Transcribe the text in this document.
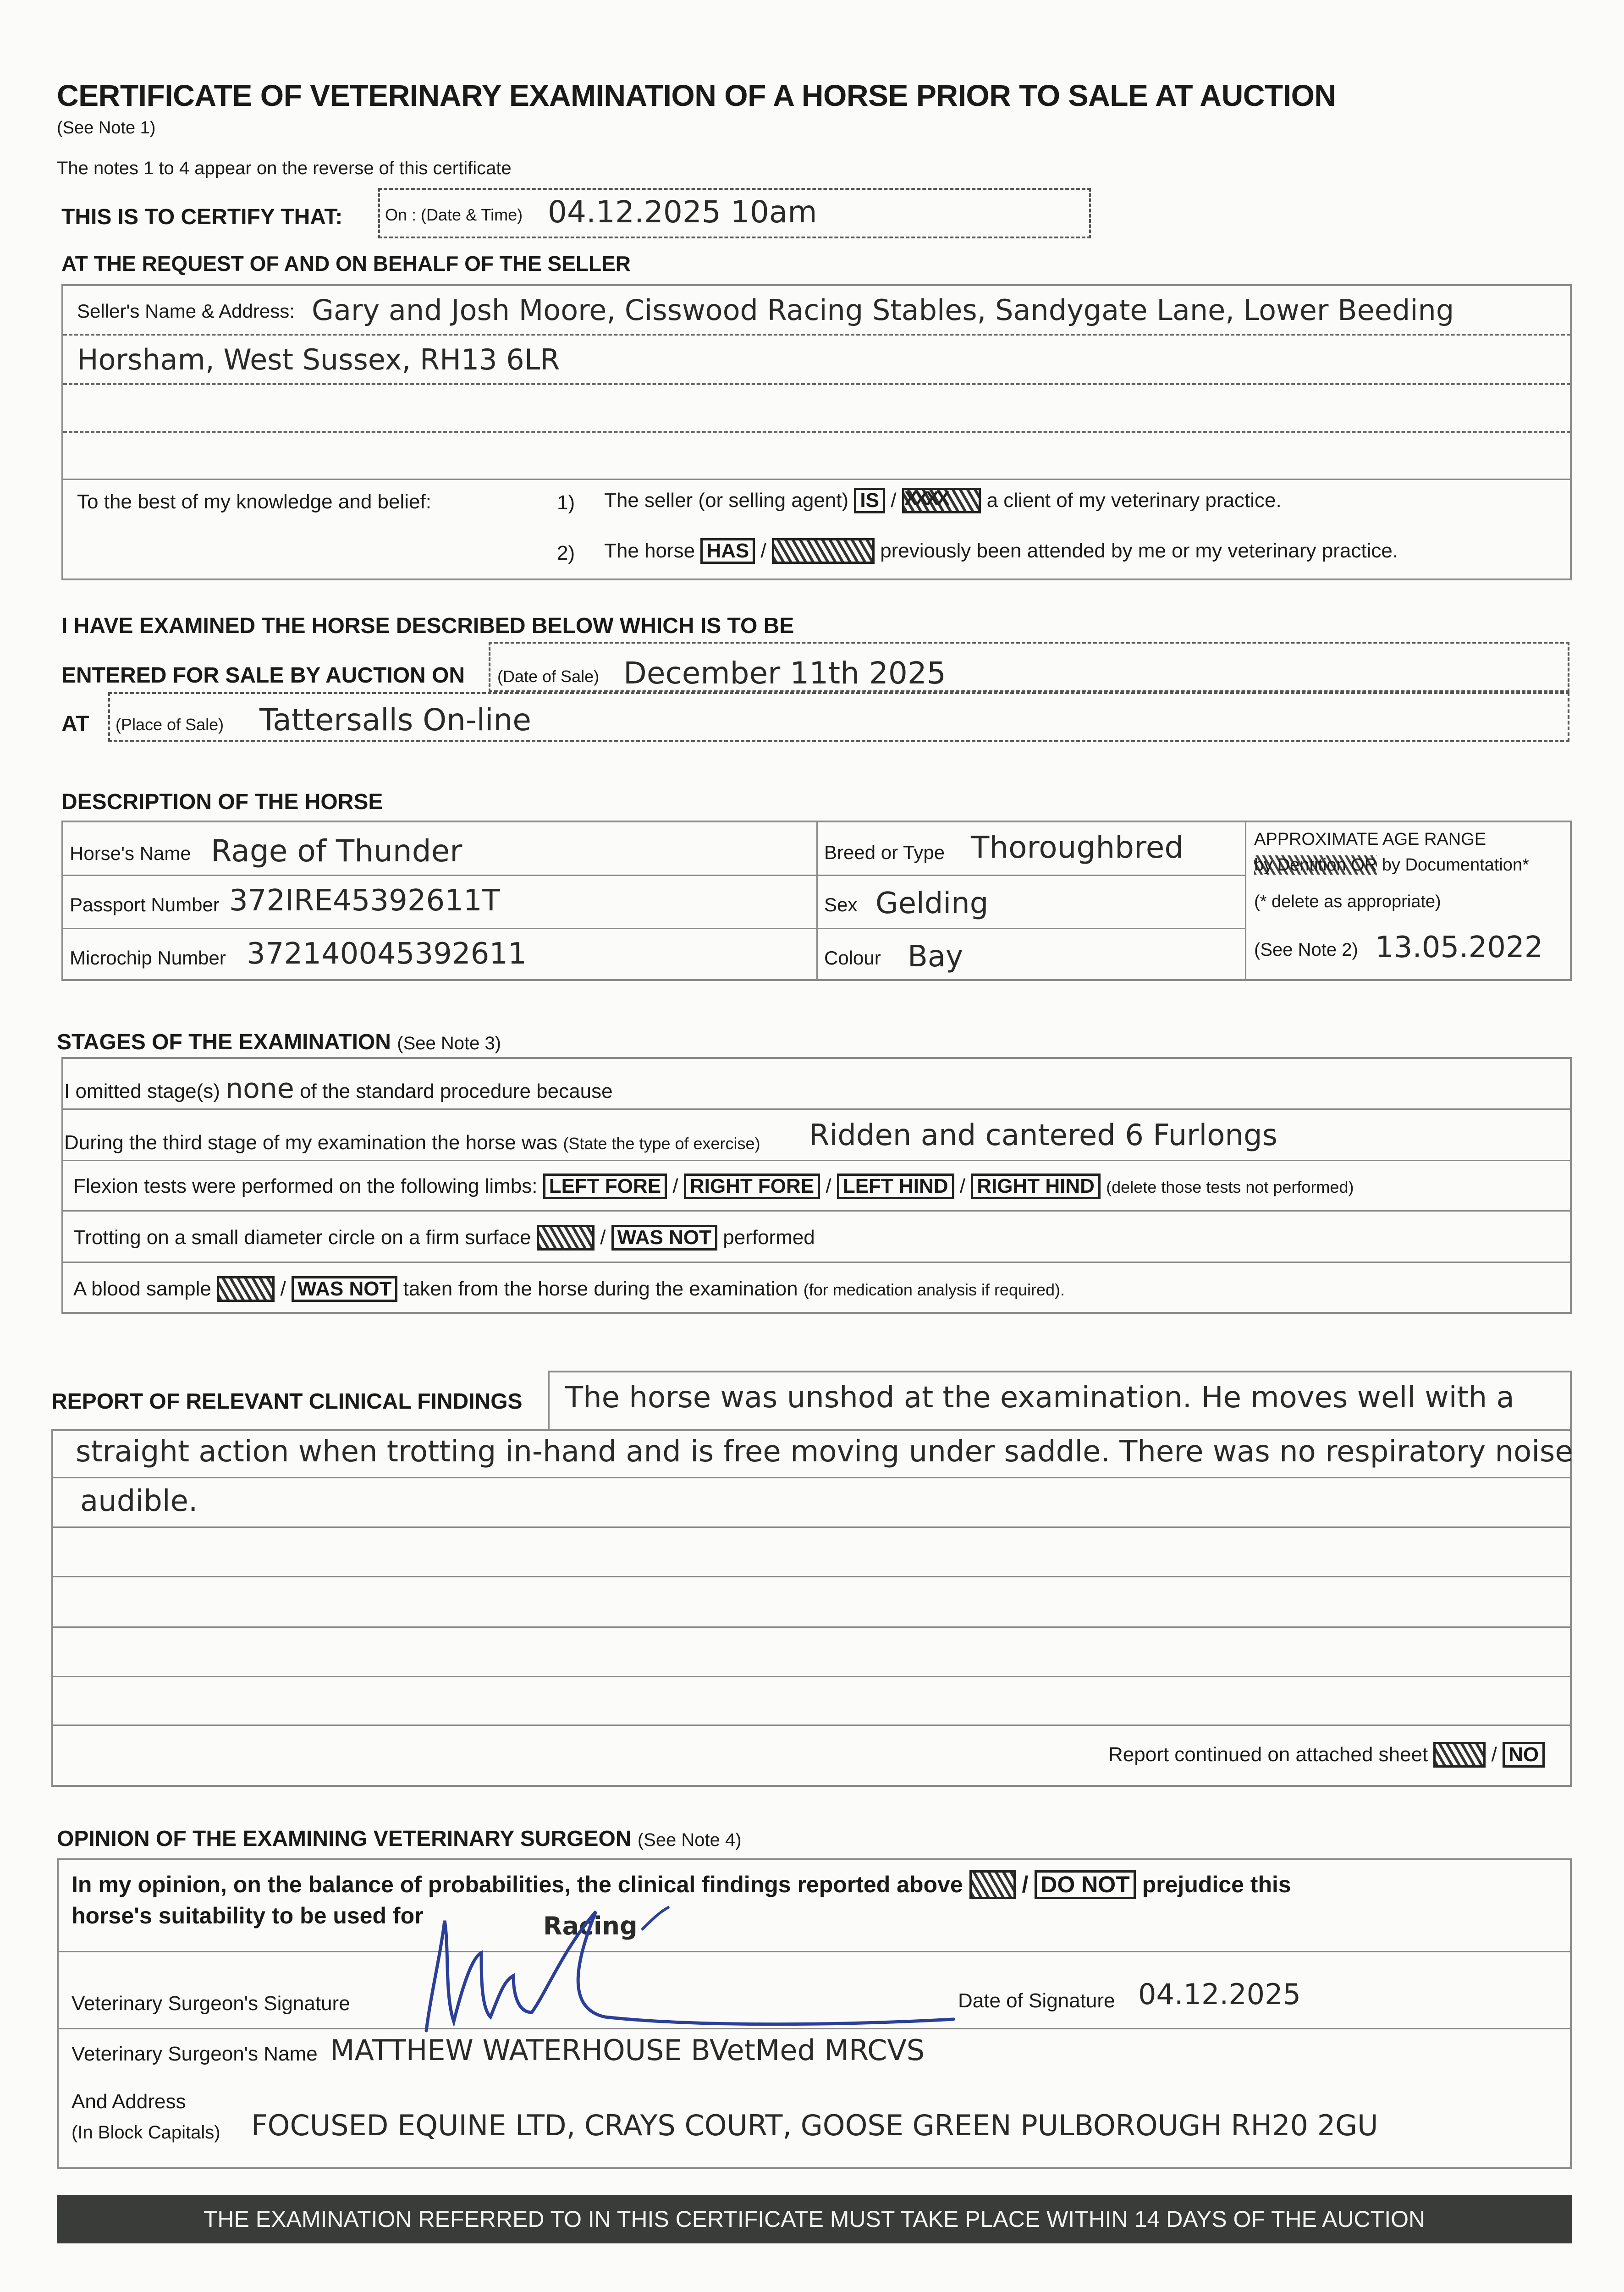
CERTIFICATE OF VETERINARY EXAMINATION OF A HORSE PRIOR TO SALE AT AUCTION
(See Note 1)
The notes 1 to 4 appear on the reverse of this certificate
THIS IS TO CERTIFY THAT:	On : (Date & Time) 04.12.2025 10am
AT THE REQUEST OF AND ON BEHALF OF THE SELLER
Seller's Name & Address: Gary and Josh Moore, Cisswood Racing Stables, Sandygate Lane, Lower Beeding
Horsham, West Sussex, RH13 6LR
To the best of my knowledge and belief:	1) The seller (or selling agent) IS /	a client of my veterinary practice.
2) The horse HAS /	previously been attended by me or my veterinary practice.
I HAVE EXAMINED THE HORSE DESCRIBED BELOW WHICH IS TO BE
ENTERED FOR SALE BY AUCTION ON (Date of Sale) December 11th 2025
AT (Place of Sale) Tattersalls On-line
DESCRIPTION OF THE HORSE
Horse's Name Rage of Thunder
Passport Number 372IRE45392611T
Microchip Number 372140045392611
Breed or Type Thoroughbred
Sex Gelding
Colour Bay
APPROXIMATE AGE RANGE
by Dentition OR by Documentation*
(* delete as appropriate)
(See Note 2) 13.05.2022
STAGES OF THE EXAMINATION (See Note 3)
I omitted stage(s) none of the standard procedure because
During the third stage of my examination the horse was (State the type of exercise) Ridden and cantered 6 Furlongs
Flexion tests were performed on the following limbs: LEFT FORE / RIGHT FORE / LEFT HIND / RIGHT HIND (delete those tests not performed)
Trotting on a small diameter circle on a firm surface	/ WAS NOT performed
A blood sample	/ WAS NOT taken from the horse during the examination (for medication analysis if required).
REPORT OF RELEVANT CLINICAL FINDINGS The horse was unshod at the examination. He moves well with a
straight action when trotting in-hand and is free moving under saddle. There was no respiratory noise
audible.
Report continued on attached sheet	/ NO
OPINION OF THE EXAMINING VETERINARY SURGEON (See Note 4)
In my opinion, on the balance of probabilities, the clinical findings reported above  / DO NOT prejudice this
horse's suitability to be used for	Racing
Veterinary Surgeon's Signature	Date of Signature 04.12.2025
Veterinary Surgeon's Name MATTHEW WATERHOUSE BVetMed MRCVS
And Address
(In Block Capitals) FOCUSED EQUINE LTD, CRAYS COURT, GOOSE GREEN PULBOROUGH RH20 2GU
THE EXAMINATION REFERRED TO IN THIS CERTIFICATE MUST TAKE PLACE WITHIN 14 DAYS OF THE AUCTION
